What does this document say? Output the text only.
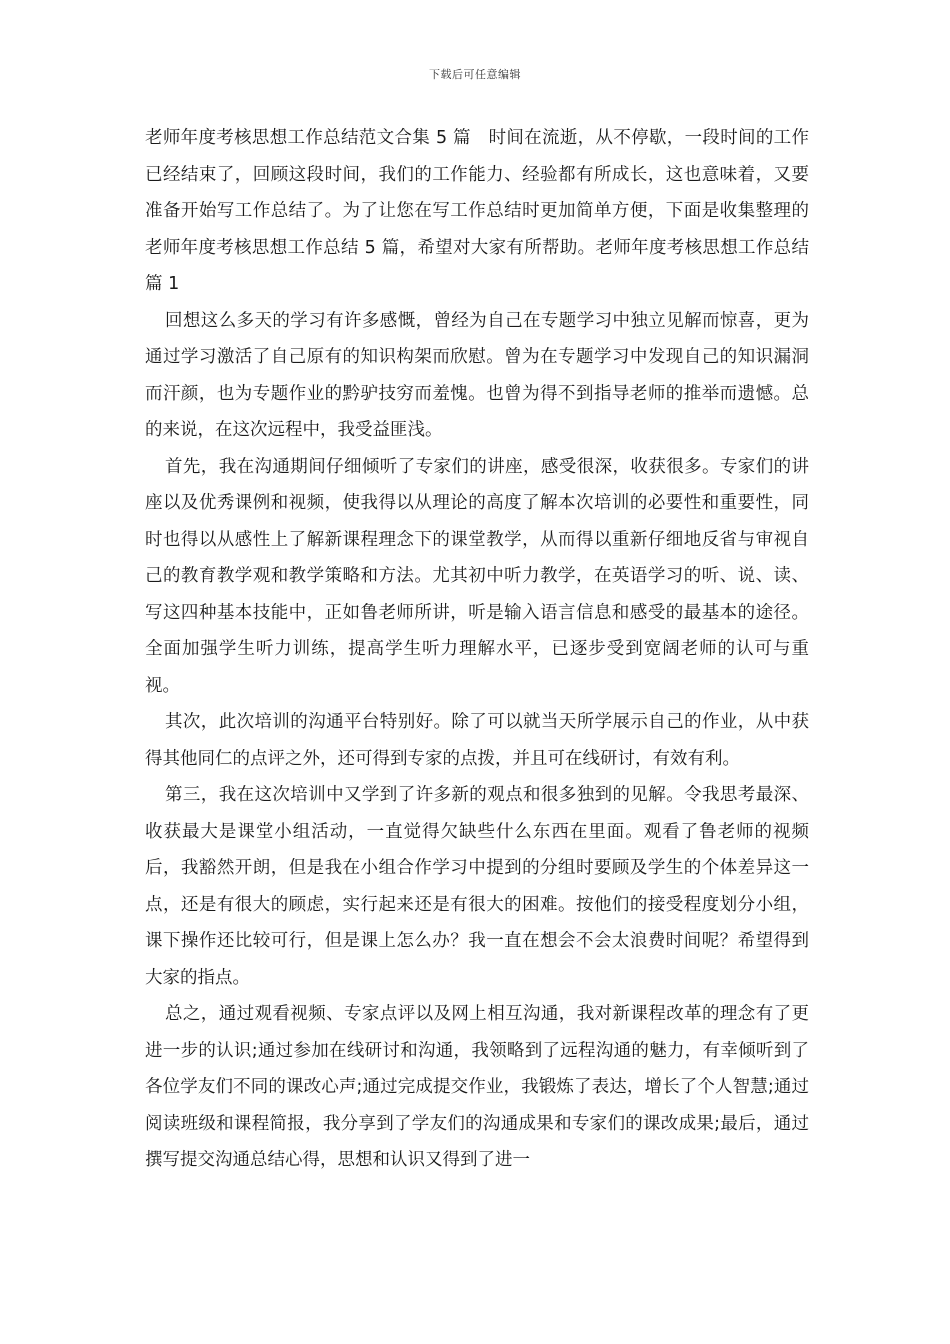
下载后可任意编辑

老师年度考核思想工作总结范文合集 5 篇　时间在流逝，从不停歇，一段时间的工作已经结束了，回顾这段时间，我们的工作能力、经验都有所成长，这也意味着，又要准备开始写工作总结了。为了让您在写工作总结时更加简单方便，下面是收集整理的老师年度考核思想工作总结 5 篇，希望对大家有所帮助。老师年度考核思想工作总结 篇 1

回想这么多天的学习有许多感慨，曾经为自己在专题学习中独立见解而惊喜，更为通过学习激活了自己原有的知识构架而欣慰。曾为在专题学习中发现自己的知识漏洞而汗颜，也为专题作业的黔驴技穷而羞愧。也曾为得不到指导老师的推举而遗憾。总的来说，在这次远程中，我受益匪浅。

首先，我在沟通期间仔细倾听了专家们的讲座，感受很深，收获很多。专家们的讲座以及优秀课例和视频，使我得以从理论的高度了解本次培训的必要性和重要性，同时也得以从感性上了解新课程理念下的课堂教学，从而得以重新仔细地反省与审视自己的教育教学观和教学策略和方法。尤其初中听力教学，在英语学习的听、说、读、写这四种基本技能中，正如鲁老师所讲，听是输入语言信息和感受的最基本的途径。全面加强学生听力训练，提高学生听力理解水平，已逐步受到宽阔老师的认可与重视。

其次，此次培训的沟通平台特别好。除了可以就当天所学展示自己的作业，从中获得其他同仁的点评之外，还可得到专家的点拨，并且可在线研讨，有效有利。

第三，我在这次培训中又学到了许多新的观点和很多独到的见解。令我思考最深、收获最大是课堂小组活动，一直觉得欠缺些什么东西在里面。观看了鲁老师的视频后，我豁然开朗，但是我在小组合作学习中提到的分组时要顾及学生的个体差异这一点，还是有很大的顾虑，实行起来还是有很大的困难。按他们的接受程度划分小组，课下操作还比较可行，但是课上怎么办？我一直在想会不会太浪费时间呢？希望得到大家的指点。

总之，通过观看视频、专家点评以及网上相互沟通，我对新课程改革的理念有了更进一步的认识;通过参加在线研讨和沟通，我领略到了远程沟通的魅力，有幸倾听到了各位学友们不同的课改心声;通过完成提交作业，我锻炼了表达，增长了个人智慧;通过阅读班级和课程简报，我分享到了学友们的沟通成果和专家们的课改成果;最后，通过撰写提交沟通总结心得，思想和认识又得到了进一
